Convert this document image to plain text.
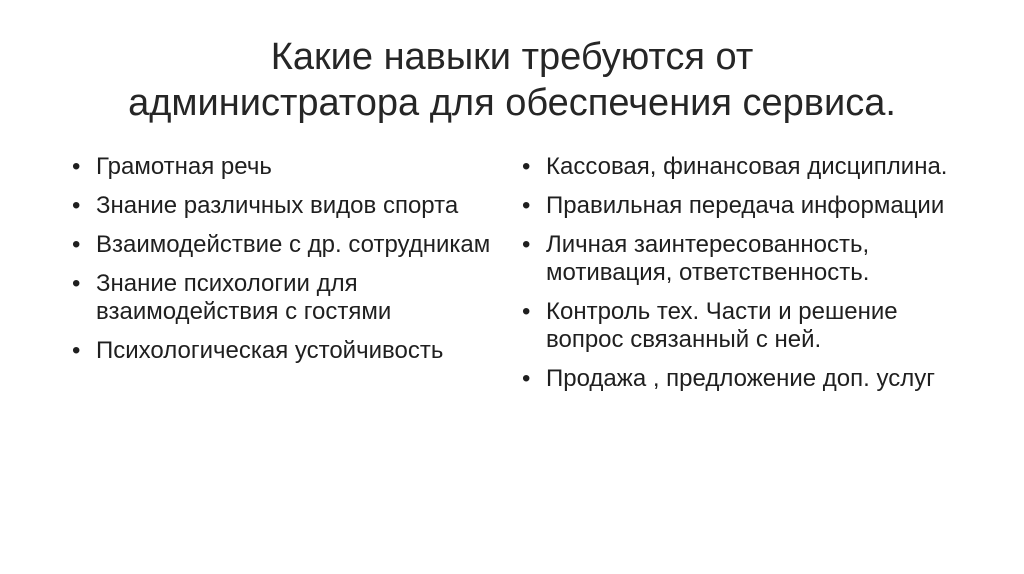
Какие навыки требуются от
администратора для обеспечения сервиса.
• Грамотная речь
• Знание различных видов спорта
• Взаимодействие с др. сотрудникам
• Знание психологии для взаимодействия с гостями
• Психологическая устойчивость
• Кассовая, финансовая дисциплина.
• Правильная передача информации
• Личная заинтересованность, мотивация, ответственность.
• Контроль тех. Части и решение вопрос связанный с ней.
• Продажа , предложение доп. услуг
